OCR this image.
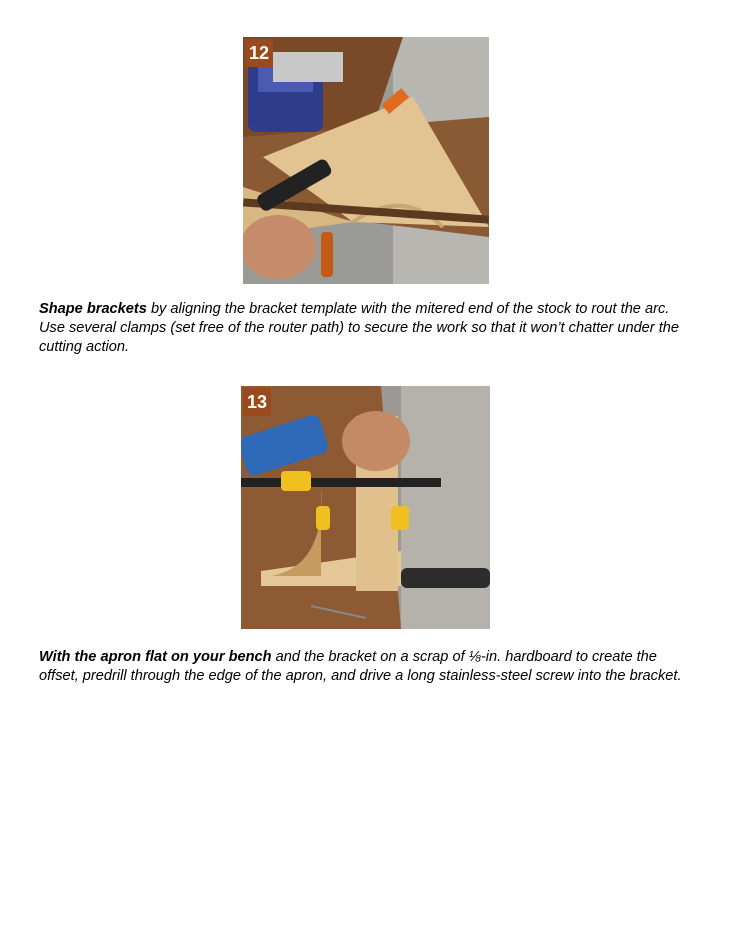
12

Shape brackets by aligning the bracket template with the mitered end of the stock to rout the arc. Use several clamps (set free of the router path) to secure the work so that it won’t chatter under the cutting action.

13

With the apron flat on your bench and the bracket on a scrap of ⅛-in. hardboard to create the offset, predrill through the edge of the apron, and drive a long stainless-steel screw into the bracket.
